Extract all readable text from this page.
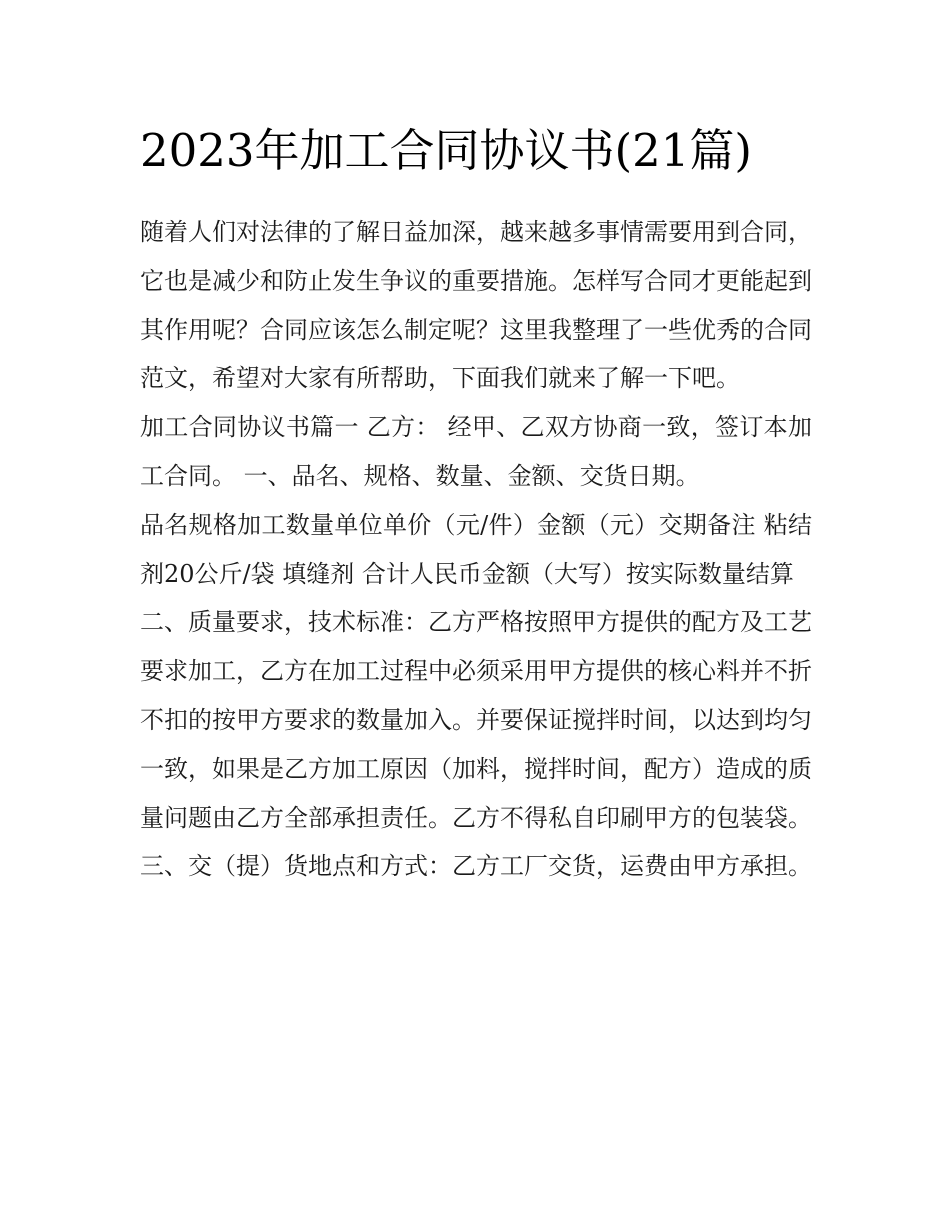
2023年加工合同协议书(21篇)

随着人们对法律的了解日益加深，越来越多事情需要用到合同，它也是减少和防止发生争议的重要措施。怎样写合同才更能起到其作用呢？合同应该怎么制定呢？这里我整理了一些优秀的合同范文，希望对大家有所帮助，下面我们就来了解一下吧。

加工合同协议书篇一 乙方： 经甲、乙双方协商一致，签订本加工合同。 一、品名、规格、数量、金额、交货日期。

品名规格加工数量单位单价（元/件）金额（元）交期备注 粘结剂20公斤/袋 填缝剂 合计人民币金额（大写）按实际数量结算

二、质量要求，技术标准：乙方严格按照甲方提供的配方及工艺要求加工，乙方在加工过程中必须采用甲方提供的核心料并不折不扣的按甲方要求的数量加入。并要保证搅拌时间，以达到均匀一致，如果是乙方加工原因（加料，搅拌时间，配方）造成的质量问题由乙方全部承担责任。乙方不得私自印刷甲方的包装袋。

三、交（提）货地点和方式：乙方工厂交货，运费由甲方承担。
